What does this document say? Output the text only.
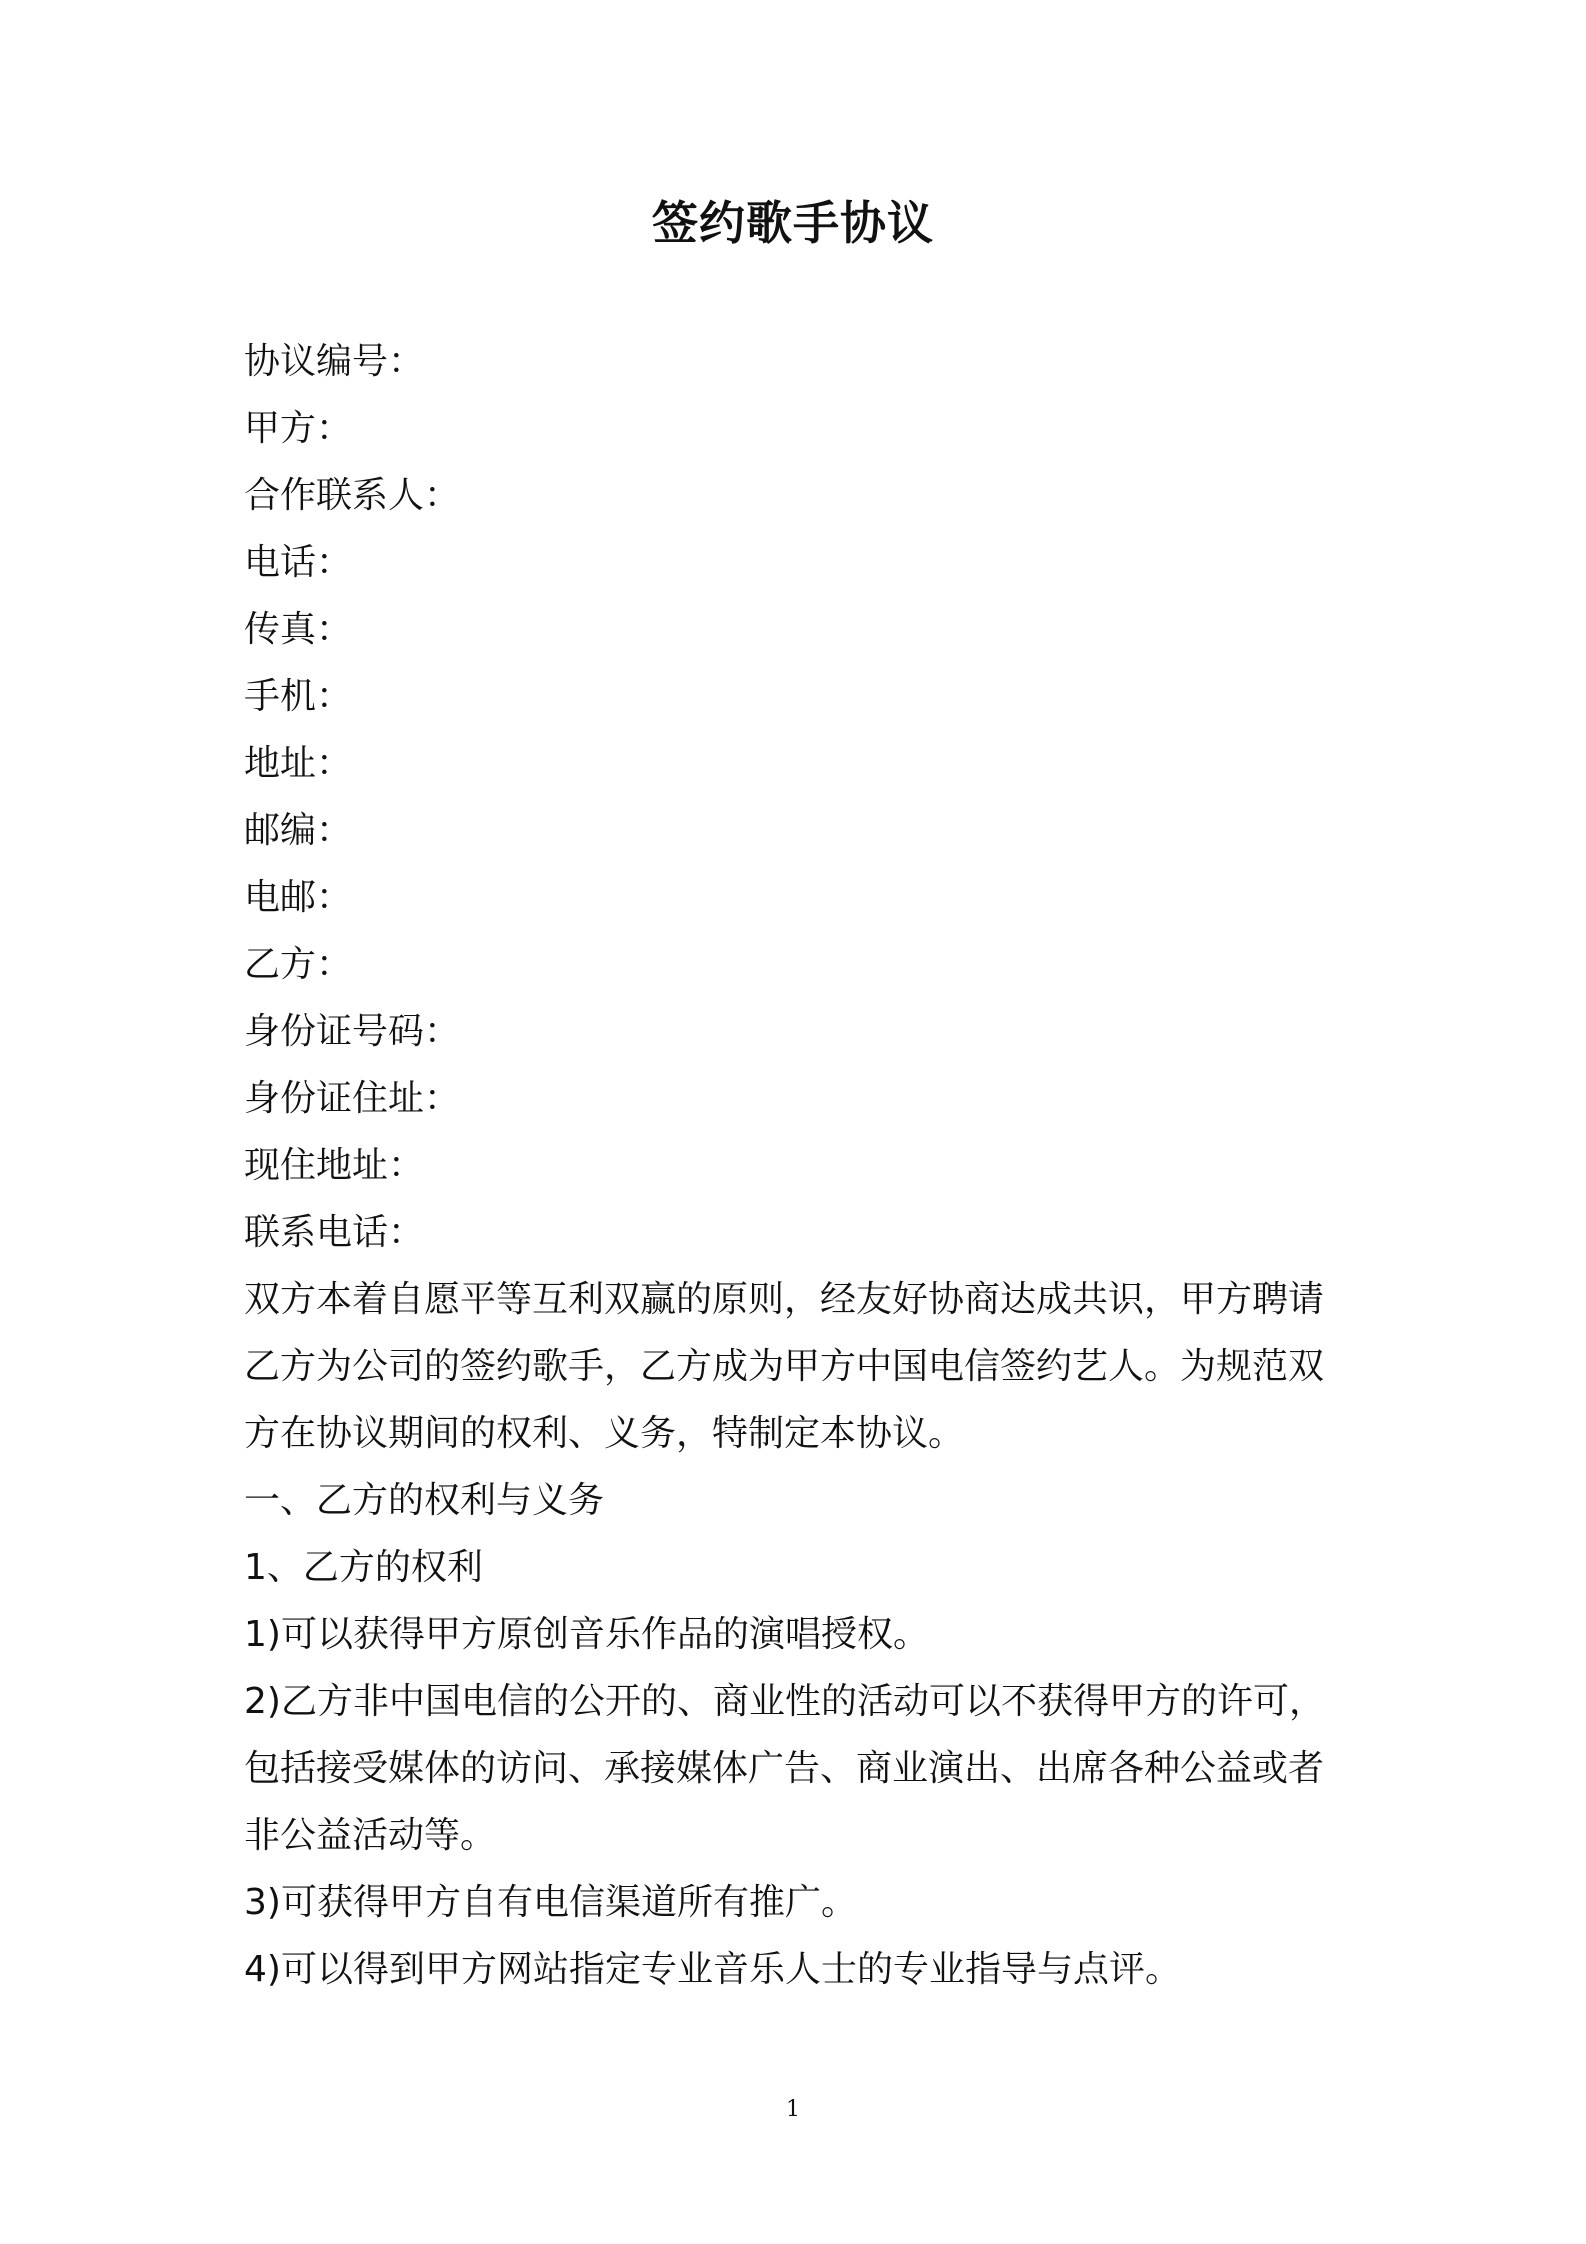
签约歌手协议
协议编号：
甲方：
合作联系人：
电话：
传真：
手机：
地址：
邮编：
电邮：
乙方：
身份证号码：
身份证住址：
现住地址：
联系电话：
双方本着自愿平等互利双赢的原则，经友好协商达成共识，甲方聘请
乙方为公司的签约歌手，乙方成为甲方中国电信签约艺人。为规范双
方在协议期间的权利、义务，特制定本协议。
一、乙方的权利与义务
1、乙方的权利
1)可以获得甲方原创音乐作品的演唱授权。
2)乙方非中国电信的公开的、商业性的活动可以不获得甲方的许可，
包括接受媒体的访问、承接媒体广告、商业演出、出席各种公益或者
非公益活动等。
3)可获得甲方自有电信渠道所有推广。
4)可以得到甲方网站指定专业音乐人士的专业指导与点评。
1
